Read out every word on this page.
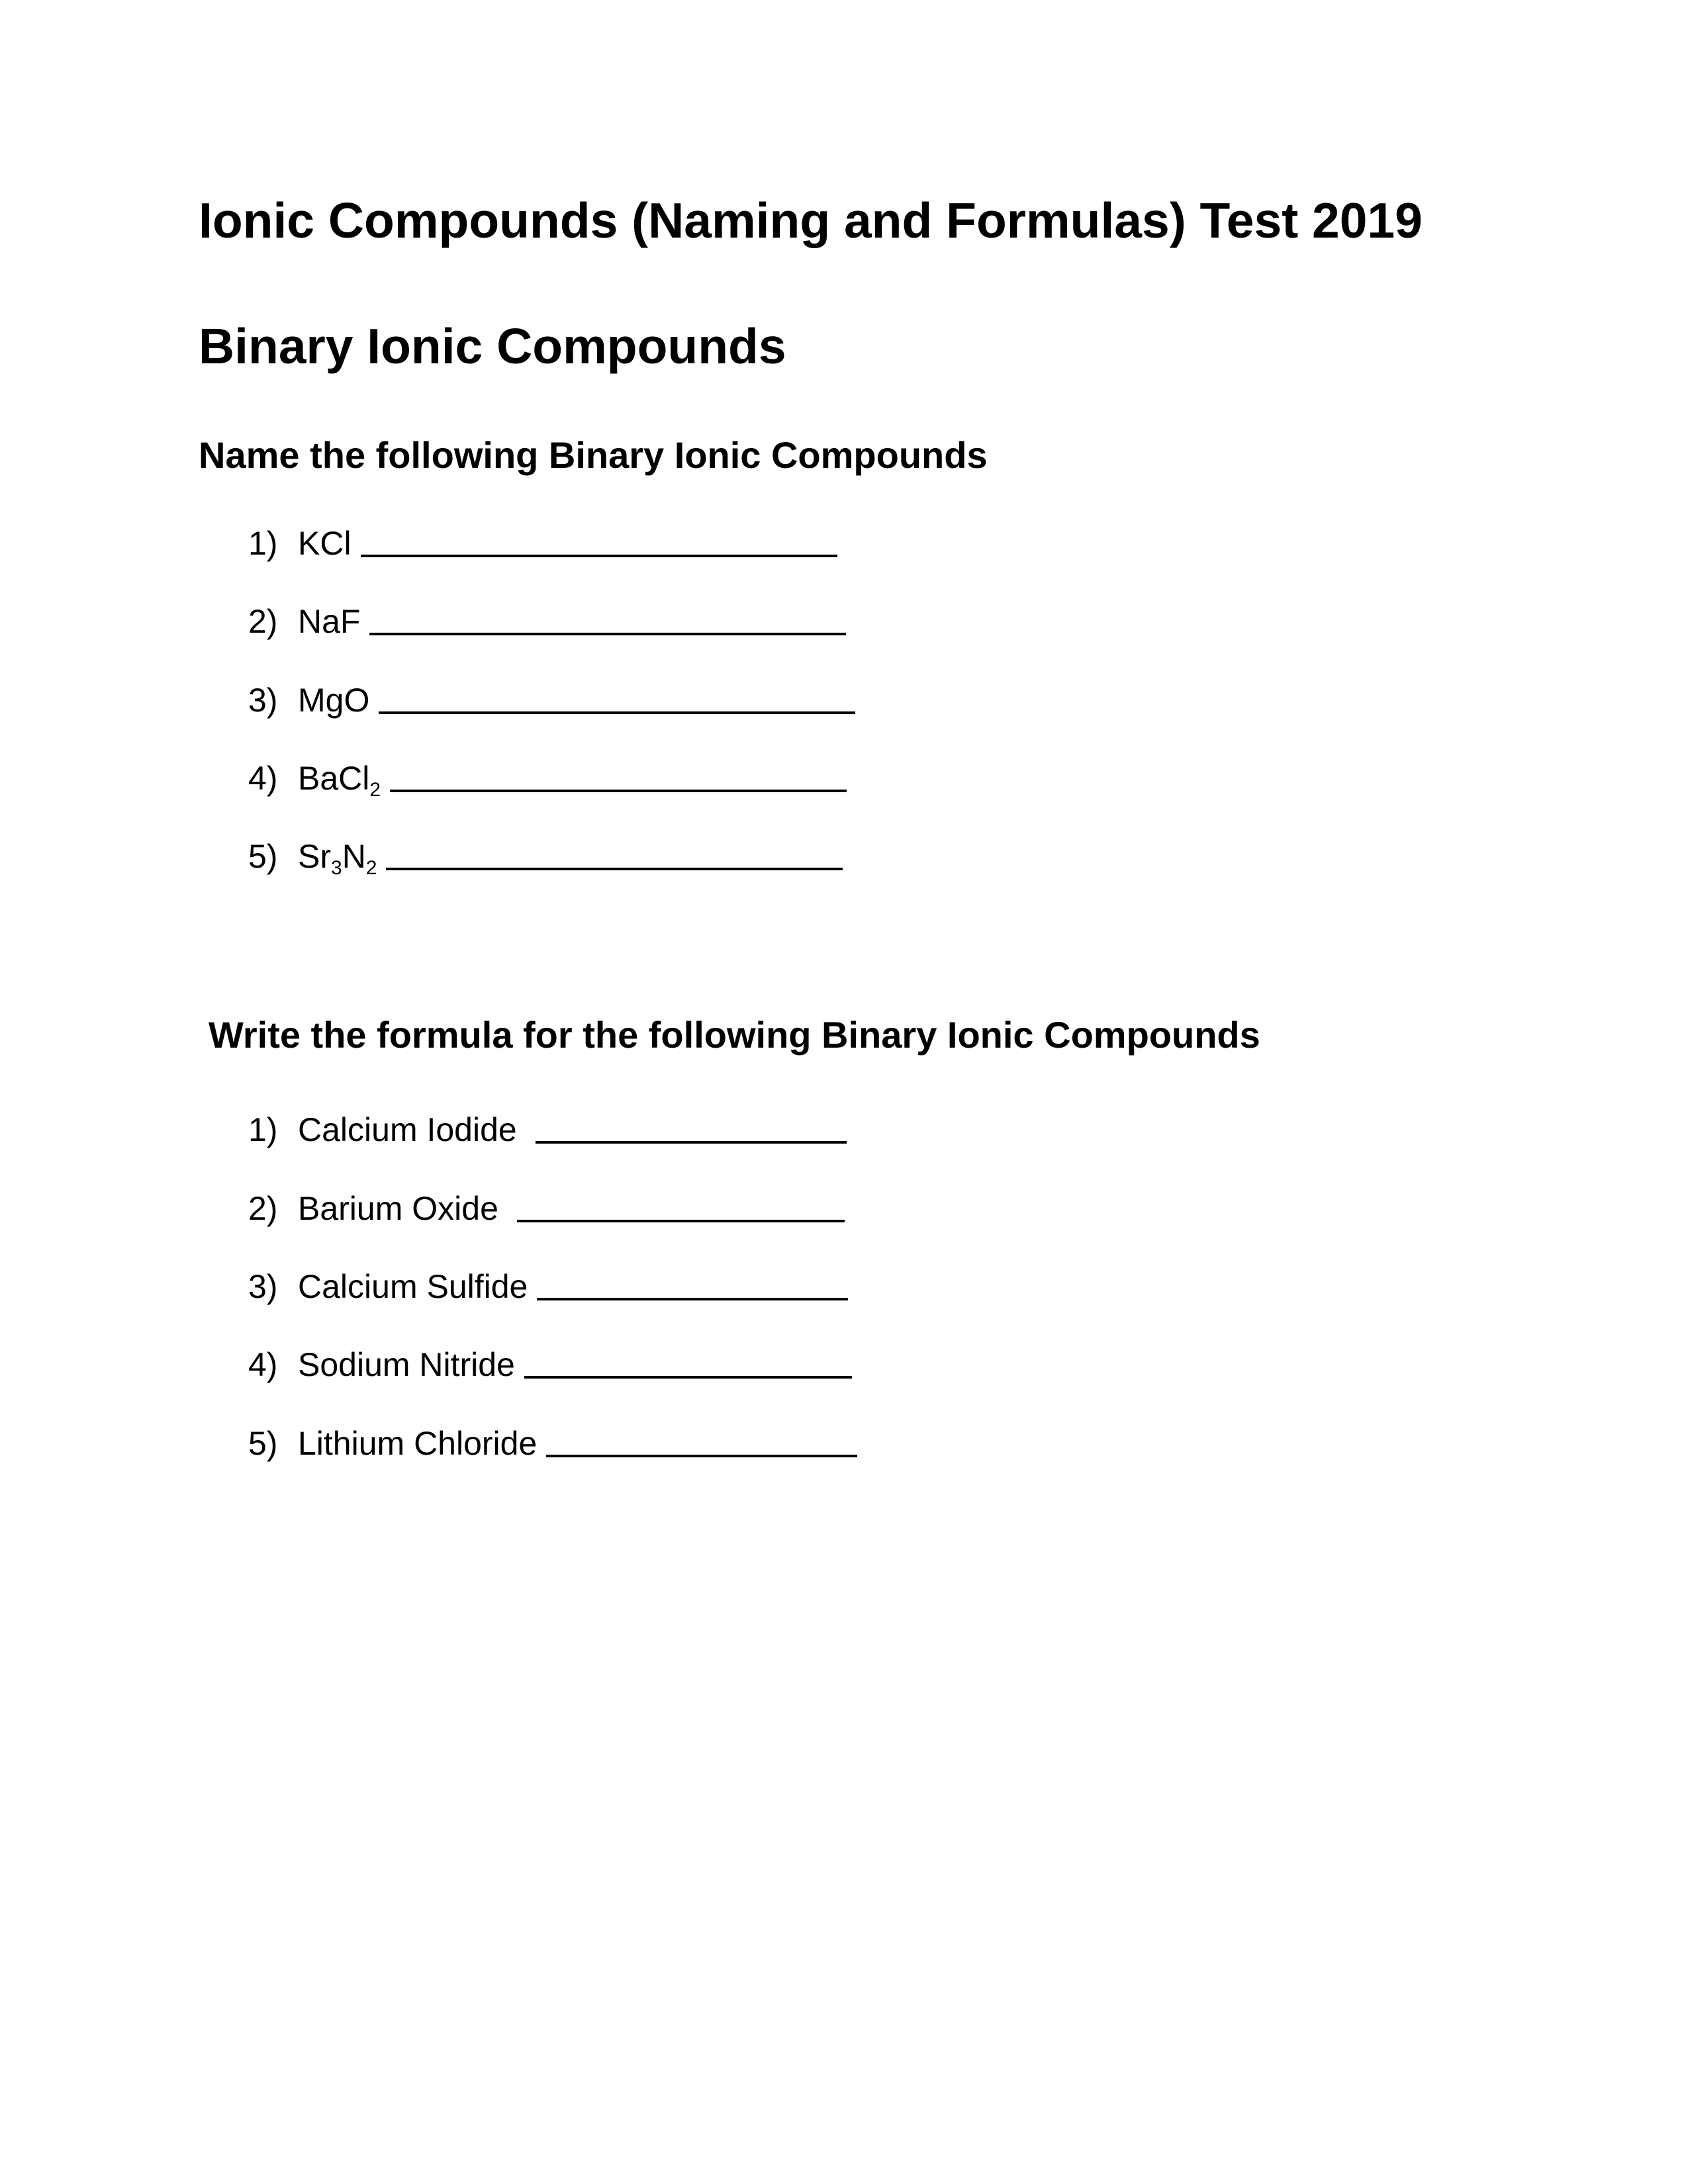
Ionic Compounds (Naming and Formulas) Test 2019
Binary Ionic Compounds
Name the following Binary Ionic Compounds
1) KCl
2) NaF
3) MgO
4) BaCl$_2$
5) $Sr_3N_2$
Write the formula for the following Binary Ionic Compounds
1) Calcium Iodide
2) Barium Oxide
3) Calcium Sulfide
4) Sodium Nitride
5) Lithium Chloride
